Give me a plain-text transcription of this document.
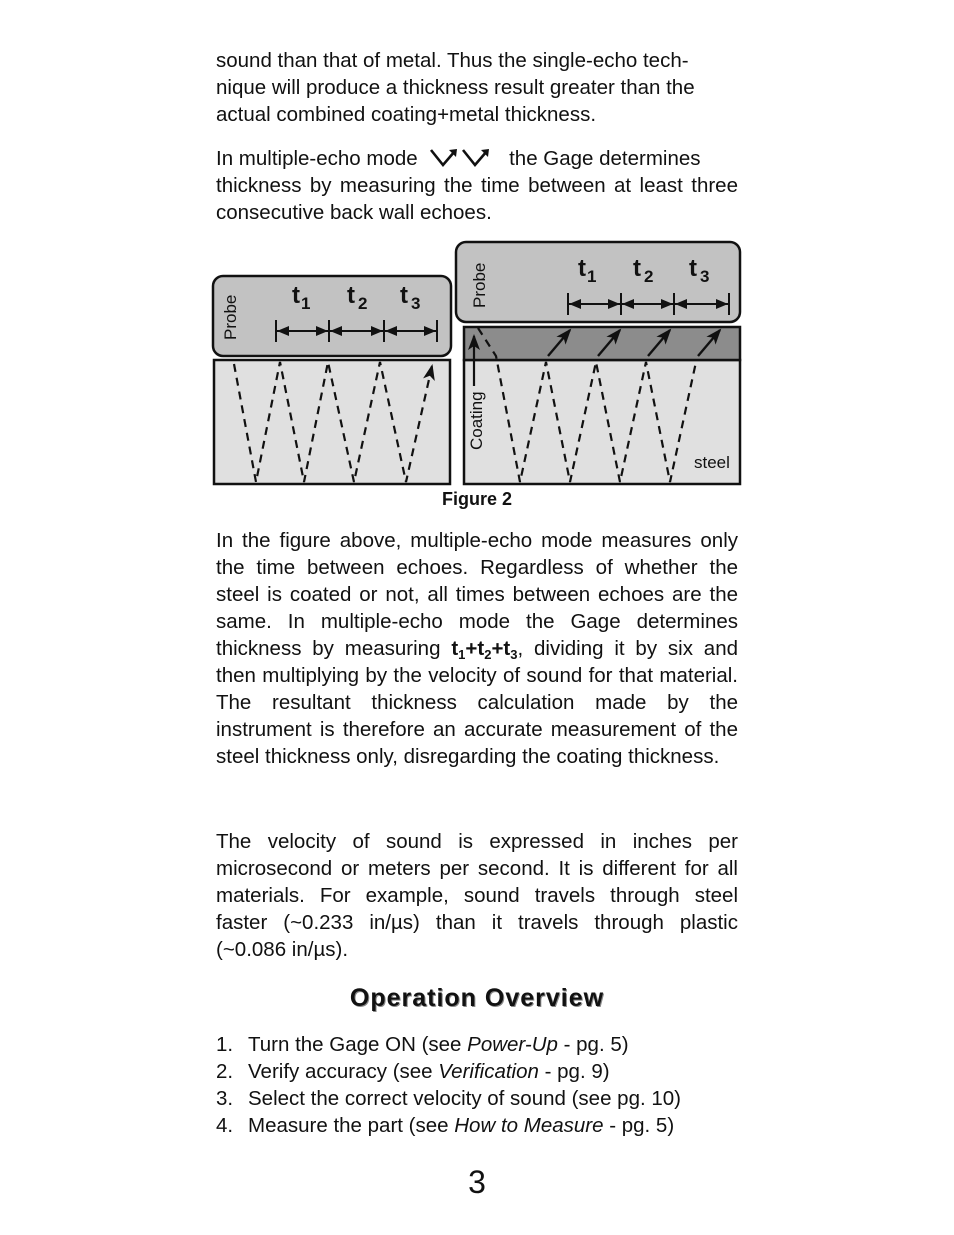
sound than that of metal. Thus the single-echo tech-
nique will produce a thickness result greater than the
actual combined coating+metal thickness.
In multiple-echo mode	the Gage determines

thickness by measuring the time between at least three consecutive back wall echoes.

Probe $t_1$ t $_2$ t $_3$	Probe	$t_1$ t $_2$ t $_3$
Coating
steel
Figure 2

In the figure above, multiple-echo mode measures only the time between echoes. Regardless of whether the steel is coated or not, all times between echoes are the same. In multiple-echo mode the Gage determines thickness by measuring $t_1+t_2+t_3$, dividing it by six and then multiplying by the velocity of sound for that material. The resultant thickness calculation made by the instrument is therefore an accurate measurement of the steel thickness only, disregarding the coating thickness.

The velocity of sound is expressed in inches per microsecond or meters per second. It is different for all materials. For example, sound travels through steel faster (~0.233 in/µs) than it travels through plastic (~0.086 in/µs).

Operation Overview
1. Turn the Gage ON (see Power-Up - pg. 5)
2. Verify accuracy (see Verification - pg. 9)
3. Select the correct velocity of sound (see pg. 10)
4. Measure the part (see How to Measure - pg. 5)
3
